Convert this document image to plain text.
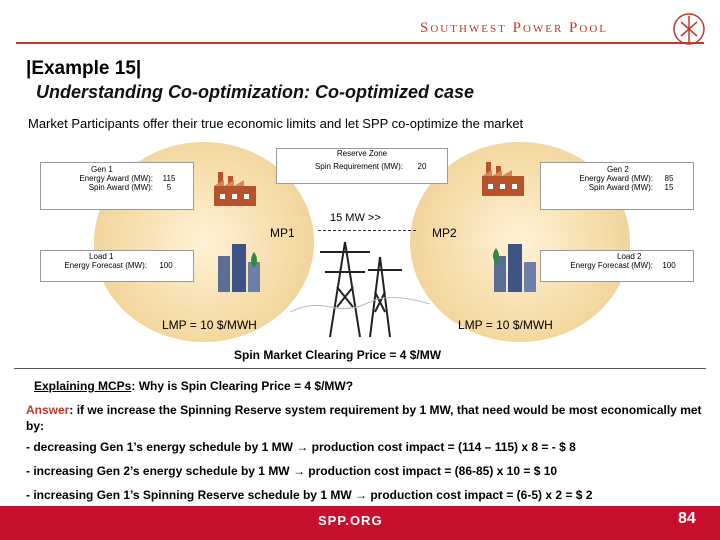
Southwest Power Pool
|Example 15|
Understanding Co-optimization: Co-optimized case
Market Participants offer their true economic limits and let SPP co-optimize the market
Reserve Zone
Spin Requirement (MW):	20
Gen 1
Energy Award (MW):	115
Spin Award (MW):	5
Gen 2
Energy Award (MW):	85
Spin Award (MW):	15
Load 1
Energy Forecast (MW):	100
Load 2
Energy Forecast (MW):	100
MP1	MP2
15 MW >>
LMP = 10 $/MWH	LMP = 10 $/MWH
Spin Market Clearing Price = 4 $/MW
Explaining MCPs: Why is Spin Clearing Price = 4 $/MW?
Answer: if we increase the Spinning Reserve system requirement by 1 MW, that need would be most economically met by:
- decreasing Gen 1’s energy schedule by 1 MW → production cost impact = (114 – 115) x 8 = - $ 8
- increasing Gen 2’s energy schedule by 1 MW → production cost impact = (86-85) x 10 = $ 10
- increasing Gen 1’s Spinning Reserve schedule by 1 MW → production cost impact = (6-5) x 2 = $ 2
SPP.ORG	84
